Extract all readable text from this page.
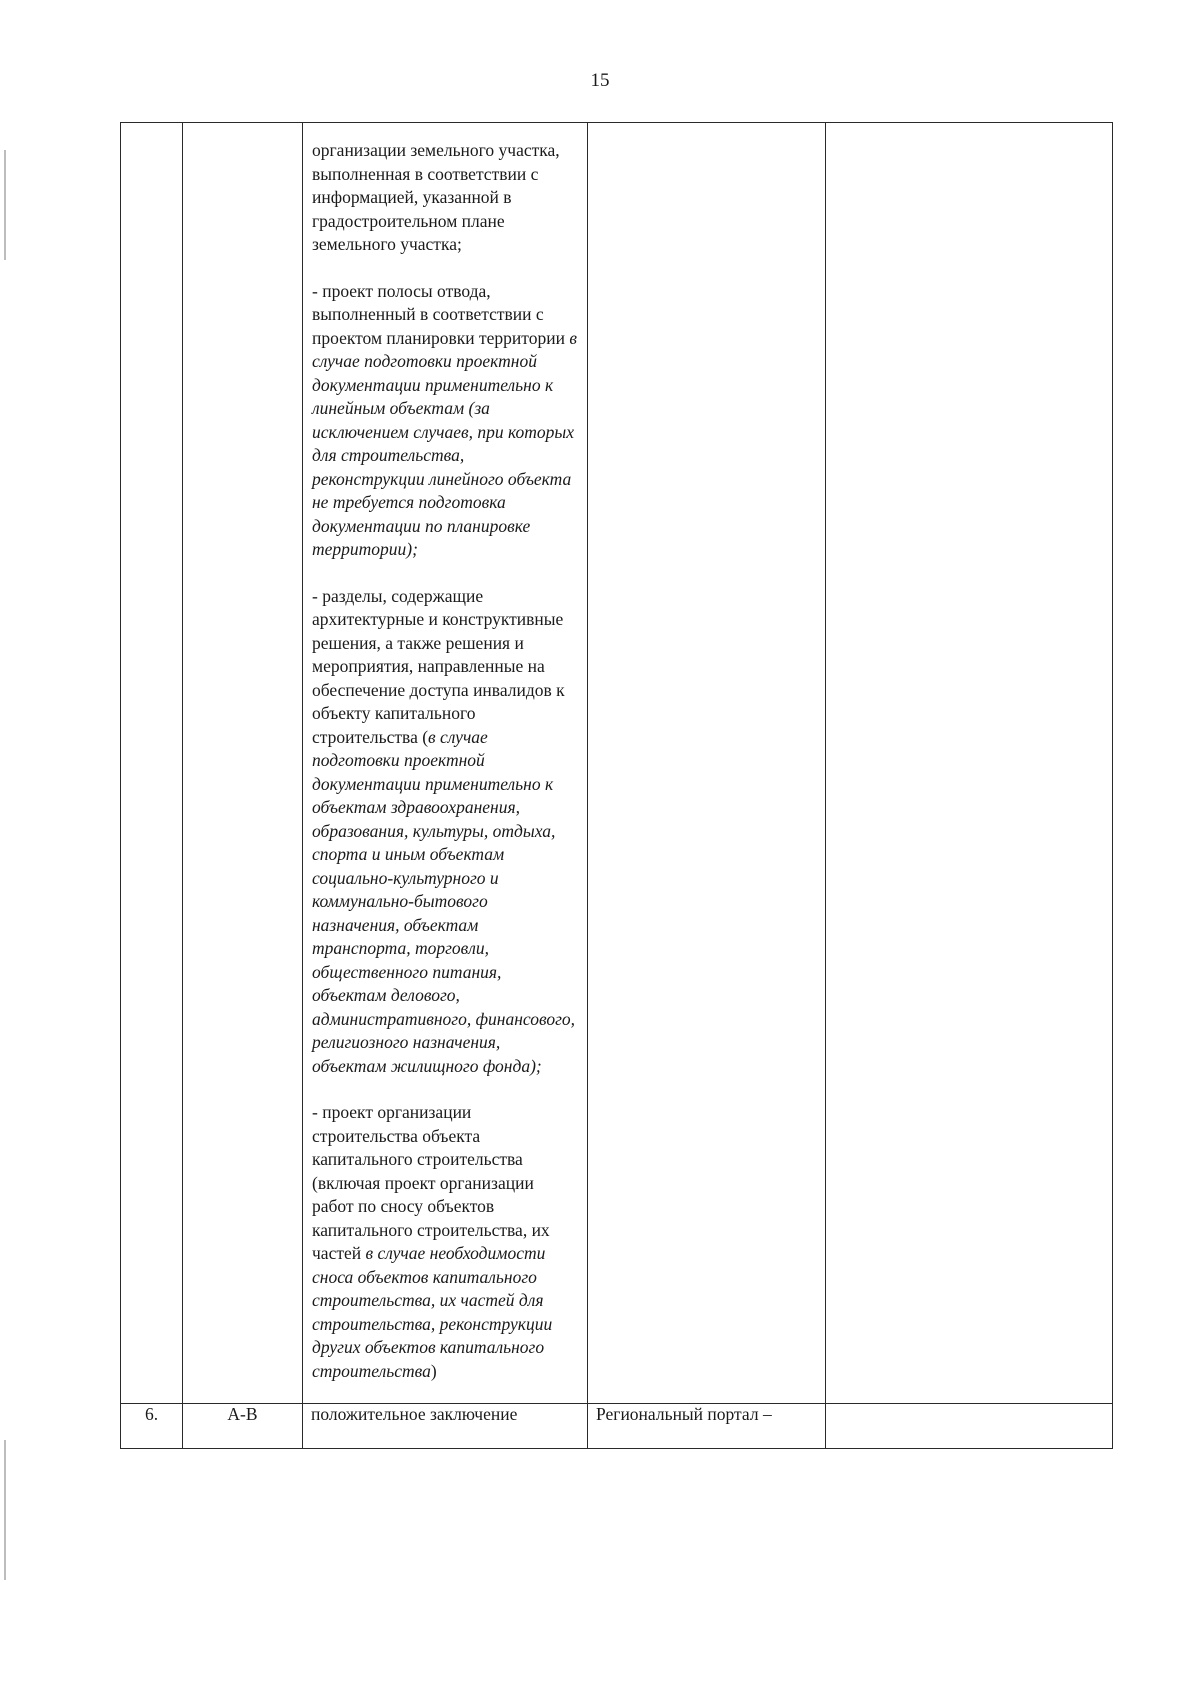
15

		организации земельного участка, выполненная в соответствии с информацией, указанной в градостроительном плане земельного участка;

- проект полосы отвода, выполненный в соответствии с проектом планировки территории в случае подготовки проектной документации применительно к линейным объектам (за исключением случаев, при которых для строительства, реконструкции линейного объекта не требуется подготовка документации по планировке территории);

- разделы, содержащие архитектурные и конструктивные решения, а также решения и мероприятия, направленные на обеспечение доступа инвалидов к объекту капитального строительства (в случае подготовки проектной документации применительно к объектам здравоохранения, образования, культуры, отдыха, спорта и иным объектам социально-культурного и коммунально-бытового назначения, объектам транспорта, торговли, общественного питания, объектам делового, административного, финансового, религиозного назначения, объектам жилищного фонда);

- проект организации строительства объекта капитального строительства (включая проект организации работ по сносу объектов капитального строительства, их частей в случае необходимости сноса объектов капитального строительства, их частей для строительства, реконструкции других объектов капитального строительства)		

6.	А-В	положительное заключение	Региональный портал –	
